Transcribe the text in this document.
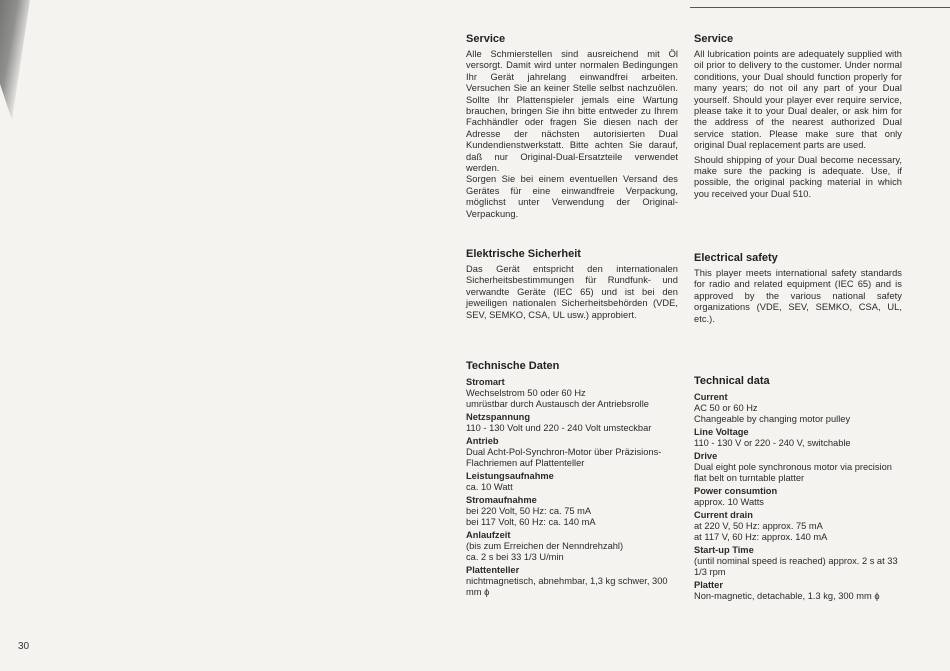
Service

Alle Schmierstellen sind ausreichend mit Öl versorgt. Damit wird unter normalen Bedingungen Ihr Gerät jahrelang einwandfrei arbeiten. Versuchen Sie an keiner Stelle selbst nachzuölen. Sollte Ihr Plattenspieler jemals eine Wartung brauchen, bringen Sie ihn bitte entweder zu Ihrem Fachhändler oder fragen Sie diesen nach der Adresse der nächsten autorisierten Dual Kundendienstwerkstatt. Bitte achten Sie darauf, daß nur Original-Dual-Ersatzteile verwendet werden.

Sorgen Sie bei einem eventuellen Versand des Gerätes für eine einwandfreie Verpackung, möglichst unter Verwendung der Original-Verpackung.

Elektrische Sicherheit

Das Gerät entspricht den internationalen Sicherheitsbestimmungen für Rundfunk- und verwandte Geräte (IEC 65) und ist bei den jeweiligen nationalen Sicherheitsbehörden (VDE, SEV, SEMKO, CSA, UL usw.) approbiert.

Technische Daten
Stromart
Wechselstrom 50 oder 60 Hz
umrüstbar durch Austausch der Antriebsrolle
Netzspannung
110 - 130 Volt und 220 - 240 Volt umsteckbar
Antrieb
Dual Acht-Pol-Synchron-Motor über Präzisions-Flachriemen auf Plattenteller
Leistungsaufnahme
ca. 10 Watt
Stromaufnahme
bei 220 Volt, 50 Hz: ca. 75 mA
bei 117 Volt, 60 Hz: ca. 140 mA
Anlaufzeit
(bis zum Erreichen der Nenndrehzahl)
ca. 2 s bei 33 1/3 U/min
Plattenteller
nichtmagnetisch, abnehmbar, 1,3 kg schwer, 300 mm ϕ
Service

All lubrication points are adequately supplied with oil prior to delivery to the customer. Under normal conditions, your Dual should function properly for many years; do not oil any part of your Dual yourself. Should your player ever require service, please take it to your Dual dealer, or ask him for the address of the nearest authorized Dual service station. Please make sure that only original Dual replacement parts are used.

Should shipping of your Dual become necessary, make sure the packing is adequate. Use, if possible, the original packing material in which you received your Dual 510.

Electrical safety

This player meets international safety standards for radio and related equipment (IEC 65) and is approved by the various national safety organizations (VDE, SEV, SEMKO, CSA, UL, etc.).

Technical data
Current
AC 50 or 60 Hz
Changeable by changing motor pulley
Line Voltage
110 - 130 V or 220 - 240 V, switchable
Drive
Dual eight pole synchronous motor via precision flat belt on turntable platter
Power consumtion
approx. 10 Watts
Current drain
at 220 V, 50 Hz: approx. 75 mA
at 117 V, 60 Hz: approx. 140 mA
Start-up Time
(until nominal speed is reached) approx. 2 s at 33 1/3 rpm
Platter
Non-magnetic, detachable, 1.3 kg, 300 mm ϕ
30
